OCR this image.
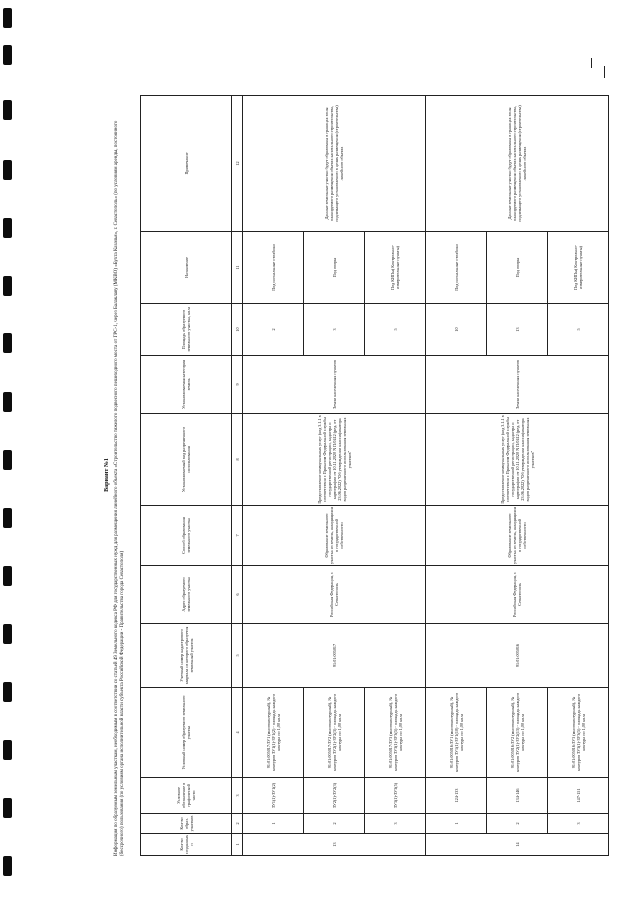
Вариант №1 Информация по образуемым земельным участкам, необходимым в соответствии со статьей 49 Земельного кодекса РФ для государственных нужд для размещения линейного объекта «Строительство тяжелого подвесного пешеходного моста от ГРС-1, через Балаклаву (МКВО) «Бухта Казачья», г. Севастополь» (по условиям аренды, постоянного (бессрочного) пользования (по условиям органа исполнительной власти субъекта Российской Федерации - Правительства города Севастополя)	Кол-во созданных п	Кол-во образ. участков	Условное обозначение в графической части	Условный номер образуемого земельного участка	Учетный номер кадастрового квартала из которого образуется земельный участок	Адрес образуемого земельного участка	Способ образования земельного участка	Устанавливаемый вид разрешенного использования	Устанавливаемая категория земель	Площадь образуемого земельного участка, кв.м	Назначение	Примечание
1	2	3	4	5	6	7	8	9	10	11	12
13	1	ЗУ1(1)-ЗУ1(2)	91:01:005017:ЗУ1 (многоконтурный), № контуров ЗУ1(1)-ЗУ1(2) - площадь каждого контура по 1,00 кв.м	91:01:005017	Российская Федерация, г. Севастополь	Образование земельного участка из земель, находящихся в государственной собственности	Предоставление коммунальных услуг (код 3.1.1 в соответствии с Приказом Федеральной службы государственной регистрации, кадастра и картографии от 10.11.2020 N П/0412 (ред. от 23.06.2022) "Об утверждении классификатора видов разрешенного использования земельных участков"	Земли населенных пунктов	2	Под сигнальные столбики	Данные земельные участки будут образованы в границах зоны планируемого размещения объекта капитального строительства, подлежащего установлению в целях размещения (строительства) линейного объекта
	2	ЗУ2(1)-ЗУ2(3)	91:01:005017:ЗУ2 (многоконтурный), № контуров ЗУ2(1)-ЗУ2(3) - площадь каждого контура по 1,00 кв.м						3	Под опоры	
	3	ЗУ3(1)-ЗУ3(5)	91:01:005017:ЗУ3 (многоконтурный), № контуров ЗУ3(1)-ЗУ3(5) - площадь каждого контура по 1,00 кв.м						5	Под КИПы( Контрольно-измерительные пункты)	
14	1	124-133	91:01:005016:ЗУ1 (многоконтурный), № контуров ЗУ1(1)-ЗУ1(10) - площадь каждого контура по 1,00 кв.м	91:01:005016	Российская Федерация, г. Севастополь	Образование земельного участка из земель, находящихся в государственной собственности	Предоставление коммунальных услуг (код 3.1.1 в соответствии с Приказом Федеральной службы государственной регистрации, кадастра и картографии от 10.11.2020 N П/0412 (ред. от 23.06.2022) "Об утверждении классификатора видов разрешенного использования земельных участков"	Земли населенных пунктов	10	Под сигнальные столбики	Данные земельные участки будут образованы в границах зоны планируемого размещения объекта капитального строительства, подлежащего установлению в целях размещения (строительства) линейного объекта
	2	134-146	91:01:005016:ЗУ2 (многоконтурный), № контуров ЗУ2(1)-ЗУ2(13) - площадь каждого контура по 1,00 кв.м						13	Под опоры	
	3	147-151	91:01:005016:ЗУ3 (многоконтурный), № контуров ЗУ3(1)-ЗУ3(5) - площадь каждого контура по 1,00 кв.м						5	Под КИПы( Контрольно-измерительные пункты)	
